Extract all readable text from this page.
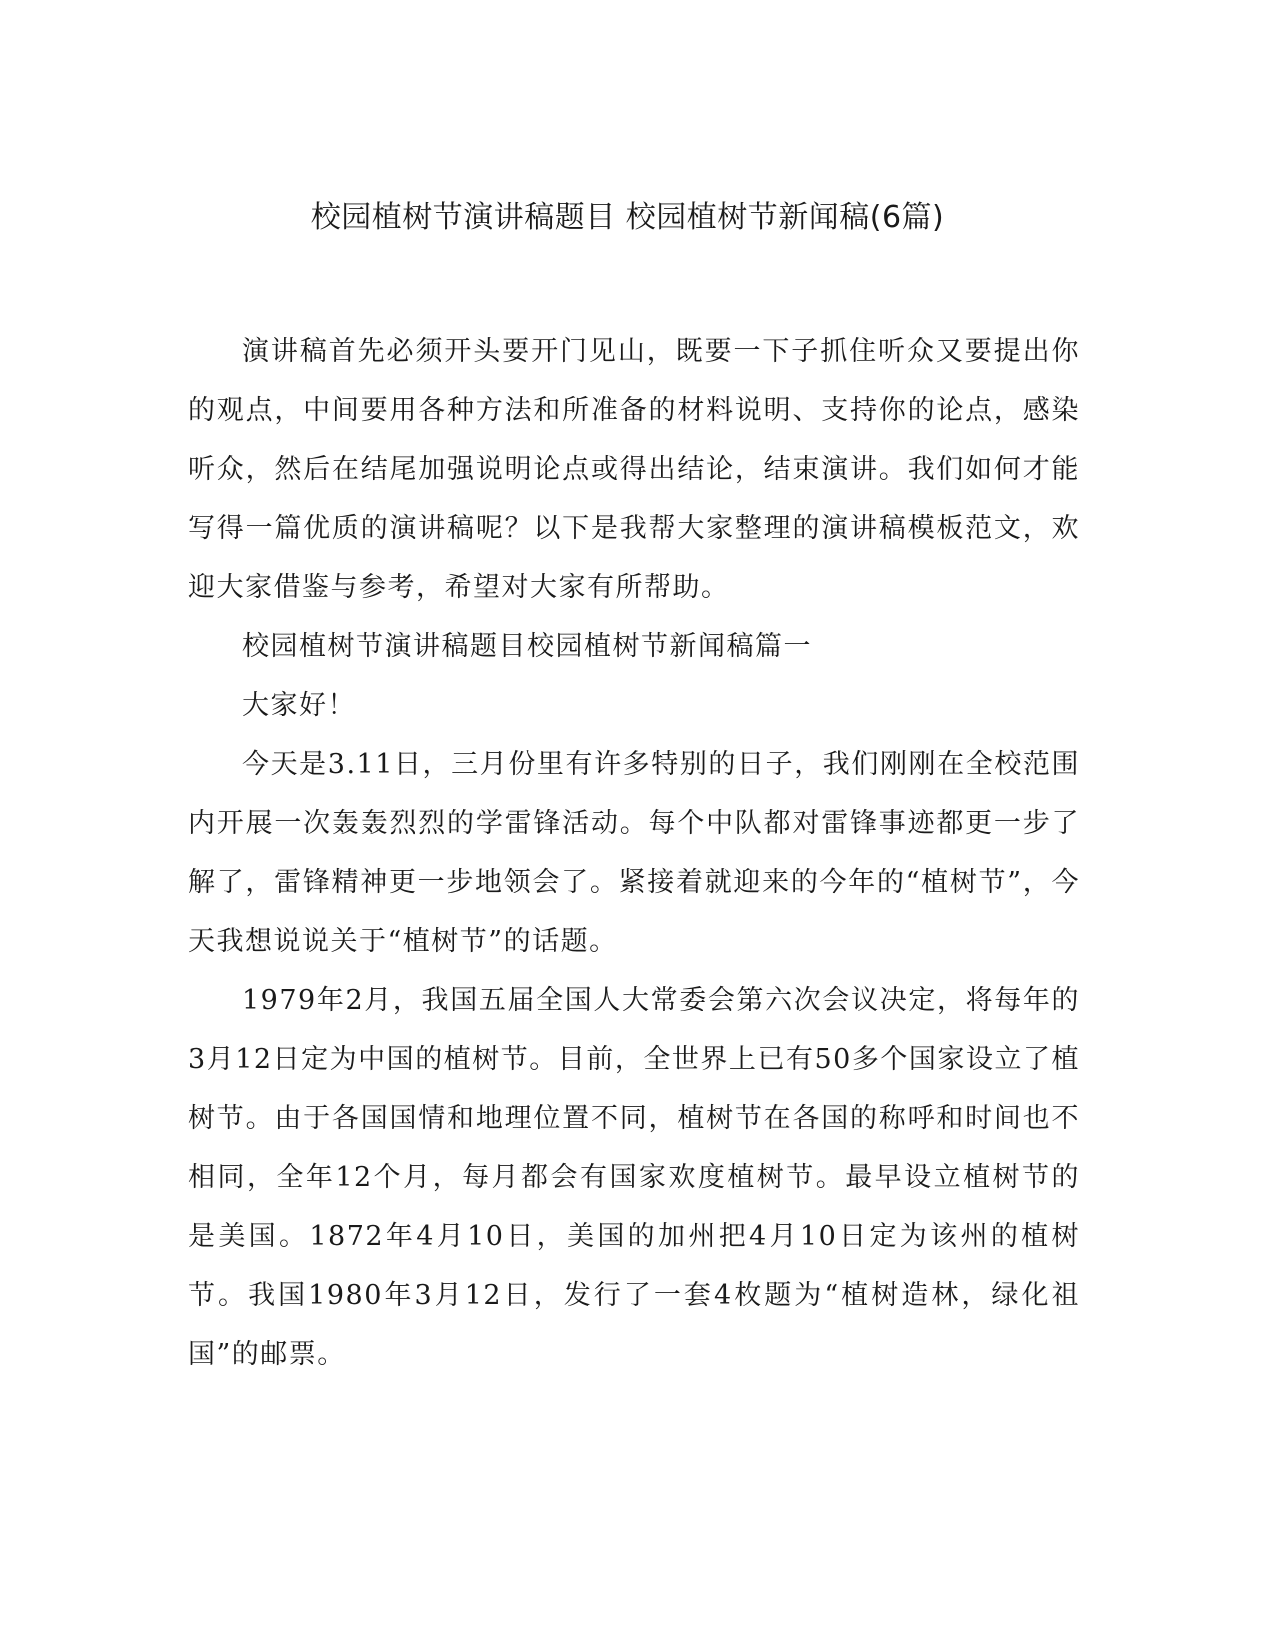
校园植树节演讲稿题目 校园植树节新闻稿(6篇)

演讲稿首先必须开头要开门见山，既要一下子抓住听众又要提出你的观点，中间要用各种方法和所准备的材料说明、支持你的论点，感染听众，然后在结尾加强说明论点或得出结论，结束演讲。我们如何才能写得一篇优质的演讲稿呢？以下是我帮大家整理的演讲稿模板范文，欢迎大家借鉴与参考，希望对大家有所帮助。

校园植树节演讲稿题目校园植树节新闻稿篇一

大家好！

今天是3.11日，三月份里有许多特别的日子，我们刚刚在全校范围内开展一次轰轰烈烈的学雷锋活动。每个中队都对雷锋事迹都更一步了解了，雷锋精神更一步地领会了。紧接着就迎来的今年的“植树节”，今天我想说说关于“植树节”的话题。

1979年2月，我国五届全国人大常委会第六次会议决定，将每年的3月12日定为中国的植树节。目前，全世界上已有50多个国家设立了植树节。由于各国国情和地理位置不同，植树节在各国的称呼和时间也不相同，全年12个月，每月都会有国家欢度植树节。最早设立植树节的是美国。1872年4月10日，美国的加州把4月10日定为该州的植树节。我国1980年3月12日，发行了一套4枚题为“植树造林，绿化祖国”的邮票。
